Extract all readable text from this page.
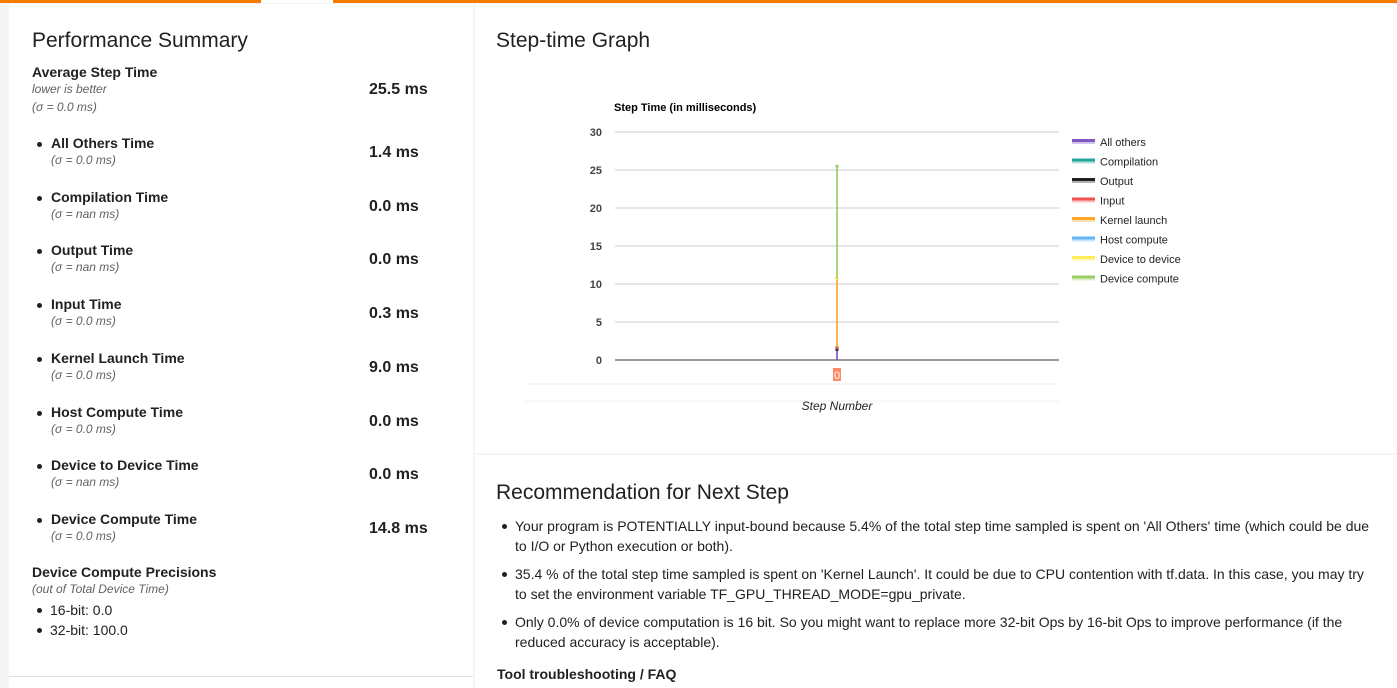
Performance Summary
Average Step Time
lower is better
(σ = 0.0 ms)
25.5 ms
All Others Time
(σ = 0.0 ms)	1.4 ms
Compilation Time
(σ = nan ms)	0.0 ms
Output Time
(σ = nan ms)	0.0 ms
Input Time
(σ = 0.0 ms)	0.3 ms
Kernel Launch Time
(σ = 0.0 ms)	9.0 ms
Host Compute Time
(σ = 0.0 ms)	0.0 ms
Device to Device Time
(σ = nan ms)	0.0 ms
Device Compute Time
(σ = 0.0 ms)	14.8 ms
Device Compute Precisions
(out of Total Device Time)
16-bit: 0.0
32-bit: 100.0
Step-time Graph
Step Time (in milliseconds)
0
5
10
15
20
25
30
0
Step Number
All others
Compilation
Output
Input
Kernel launch
Host compute
Device to device
Device compute
Recommendation for Next Step
Your program is POTENTIALLY input-bound because 5.4% of the total step time sampled is spent on 'All Others' time (which could be due to I/O or Python execution or both).
35.4 % of the total step time sampled is spent on 'Kernel Launch'. It could be due to CPU contention with tf.data. In this case, you may try to set the environment variable TF_GPU_THREAD_MODE=gpu_private.
Only 0.0% of device computation is 16 bit. So you might want to replace more 32-bit Ops by 16-bit Ops to improve performance (if the reduced accuracy is acceptable).
Tool troubleshooting / FAQ
